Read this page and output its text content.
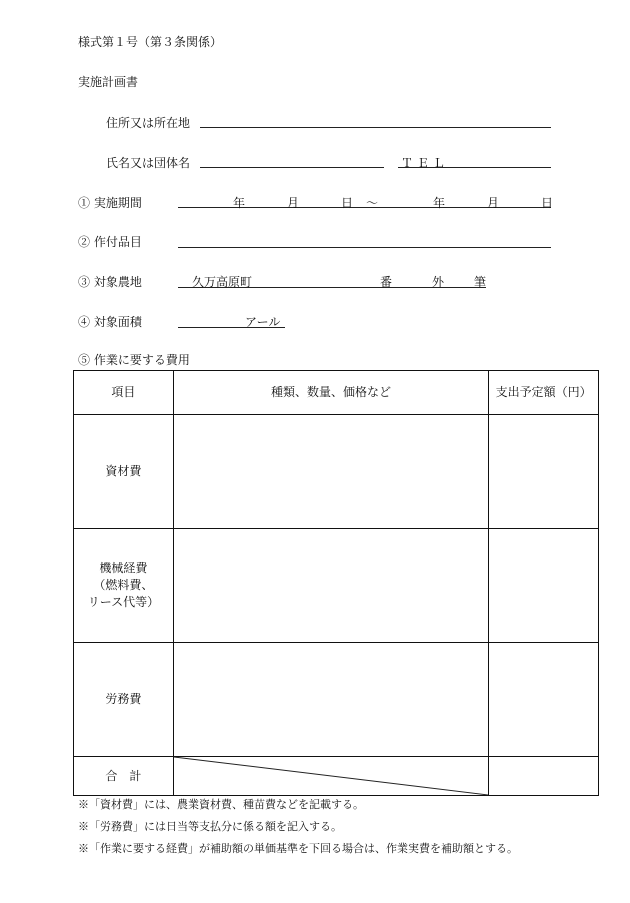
様式第１号（第３条関係）
実施計画書
住所又は所在地
氏名又は団体名	ＴＥＬ
① 実施期間	年	月	日 ～	年	月	日
② 作付品目
③ 対象農地	久万高原町	番	外 筆
④ 対象面積	アール
⑤ 作業に要する費用
項目	種類、数量、価格など	支出予定額（円）
資材費		

機械経費
（燃料費、
リース代等）		

労務費		
合　計	

※「資材費」には、農業資材費、種苗費などを記載する。
※「労務費」には日当等支払分に係る額を記入する。
※「作業に要する経費」が補助額の単価基準を下回る場合は、作業実費を補助額とする。
